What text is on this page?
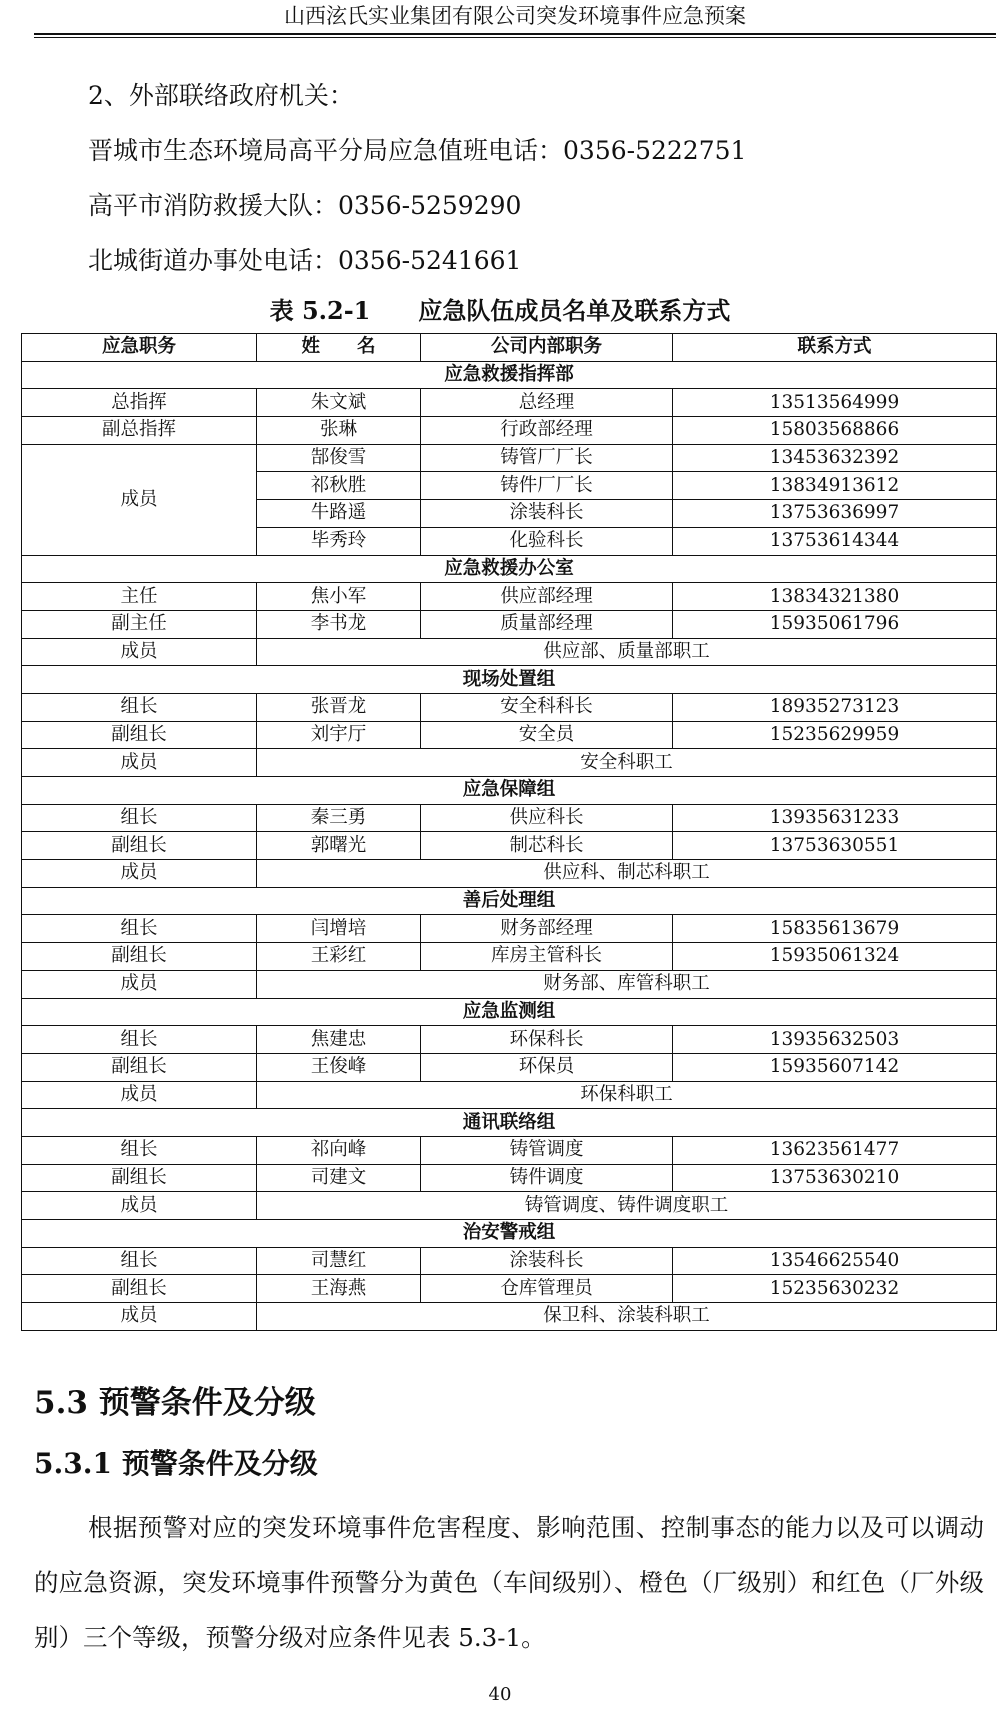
山西泫氏实业集团有限公司突发环境事件应急预案
2、外部联络政府机关：
晋城市生态环境局高平分局应急值班电话：0356-5222751
高平市消防救援大队：0356-5259290
北城街道办事处电话：0356-5241661
表 5.2-1　　应急队伍成员名单及联系方式
应急职务	姓　　名	公司内部职务	联系方式
应急救援指挥部			
总指挥	朱文斌	总经理	13513564999
副总指挥	张琳	行政部经理	15803568866
成员	郜俊雪	铸管厂厂长	13453632392
	祁秋胜	铸件厂厂长	13834913612
	牛路遥	涂装科长	13753636997
	毕秀玲	化验科长	13753614344
应急救援办公室			
主任	焦小军	供应部经理	13834321380
副主任	李书龙	质量部经理	15935061796
成员	供应部、质量部职工		
现场处置组			
组长	张晋龙	安全科科长	18935273123
副组长	刘宇厅	安全员	15235629959
成员	安全科职工		
应急保障组			
组长	秦三勇	供应科长	13935631233
副组长	郭曙光	制芯科长	13753630551
成员	供应科、制芯科职工		
善后处理组			
组长	闫增培	财务部经理	15835613679
副组长	王彩红	库房主管科长	15935061324
成员	财务部、库管科职工		
应急监测组			
组长	焦建忠	环保科长	13935632503
副组长	王俊峰	环保员	15935607142
成员	环保科职工		
通讯联络组			
组长	祁向峰	铸管调度	13623561477
副组长	司建文	铸件调度	13753630210
成员	铸管调度、铸件调度职工		
治安警戒组			
组长	司慧红	涂装科长	13546625540
副组长	王海燕	仓库管理员	15235630232
成员	保卫科、涂装科职工		
5.3 预警条件及分级
5.3.1 预警条件及分级
根据预警对应的突发环境事件危害程度、影响范围、控制事态的能力以及可以调动的应急资源，突发环境事件预警分为黄色（车间级别）、橙色（厂级别）和红色（厂外级别）三个等级，预警分级对应条件见表 5.3-1。
40
